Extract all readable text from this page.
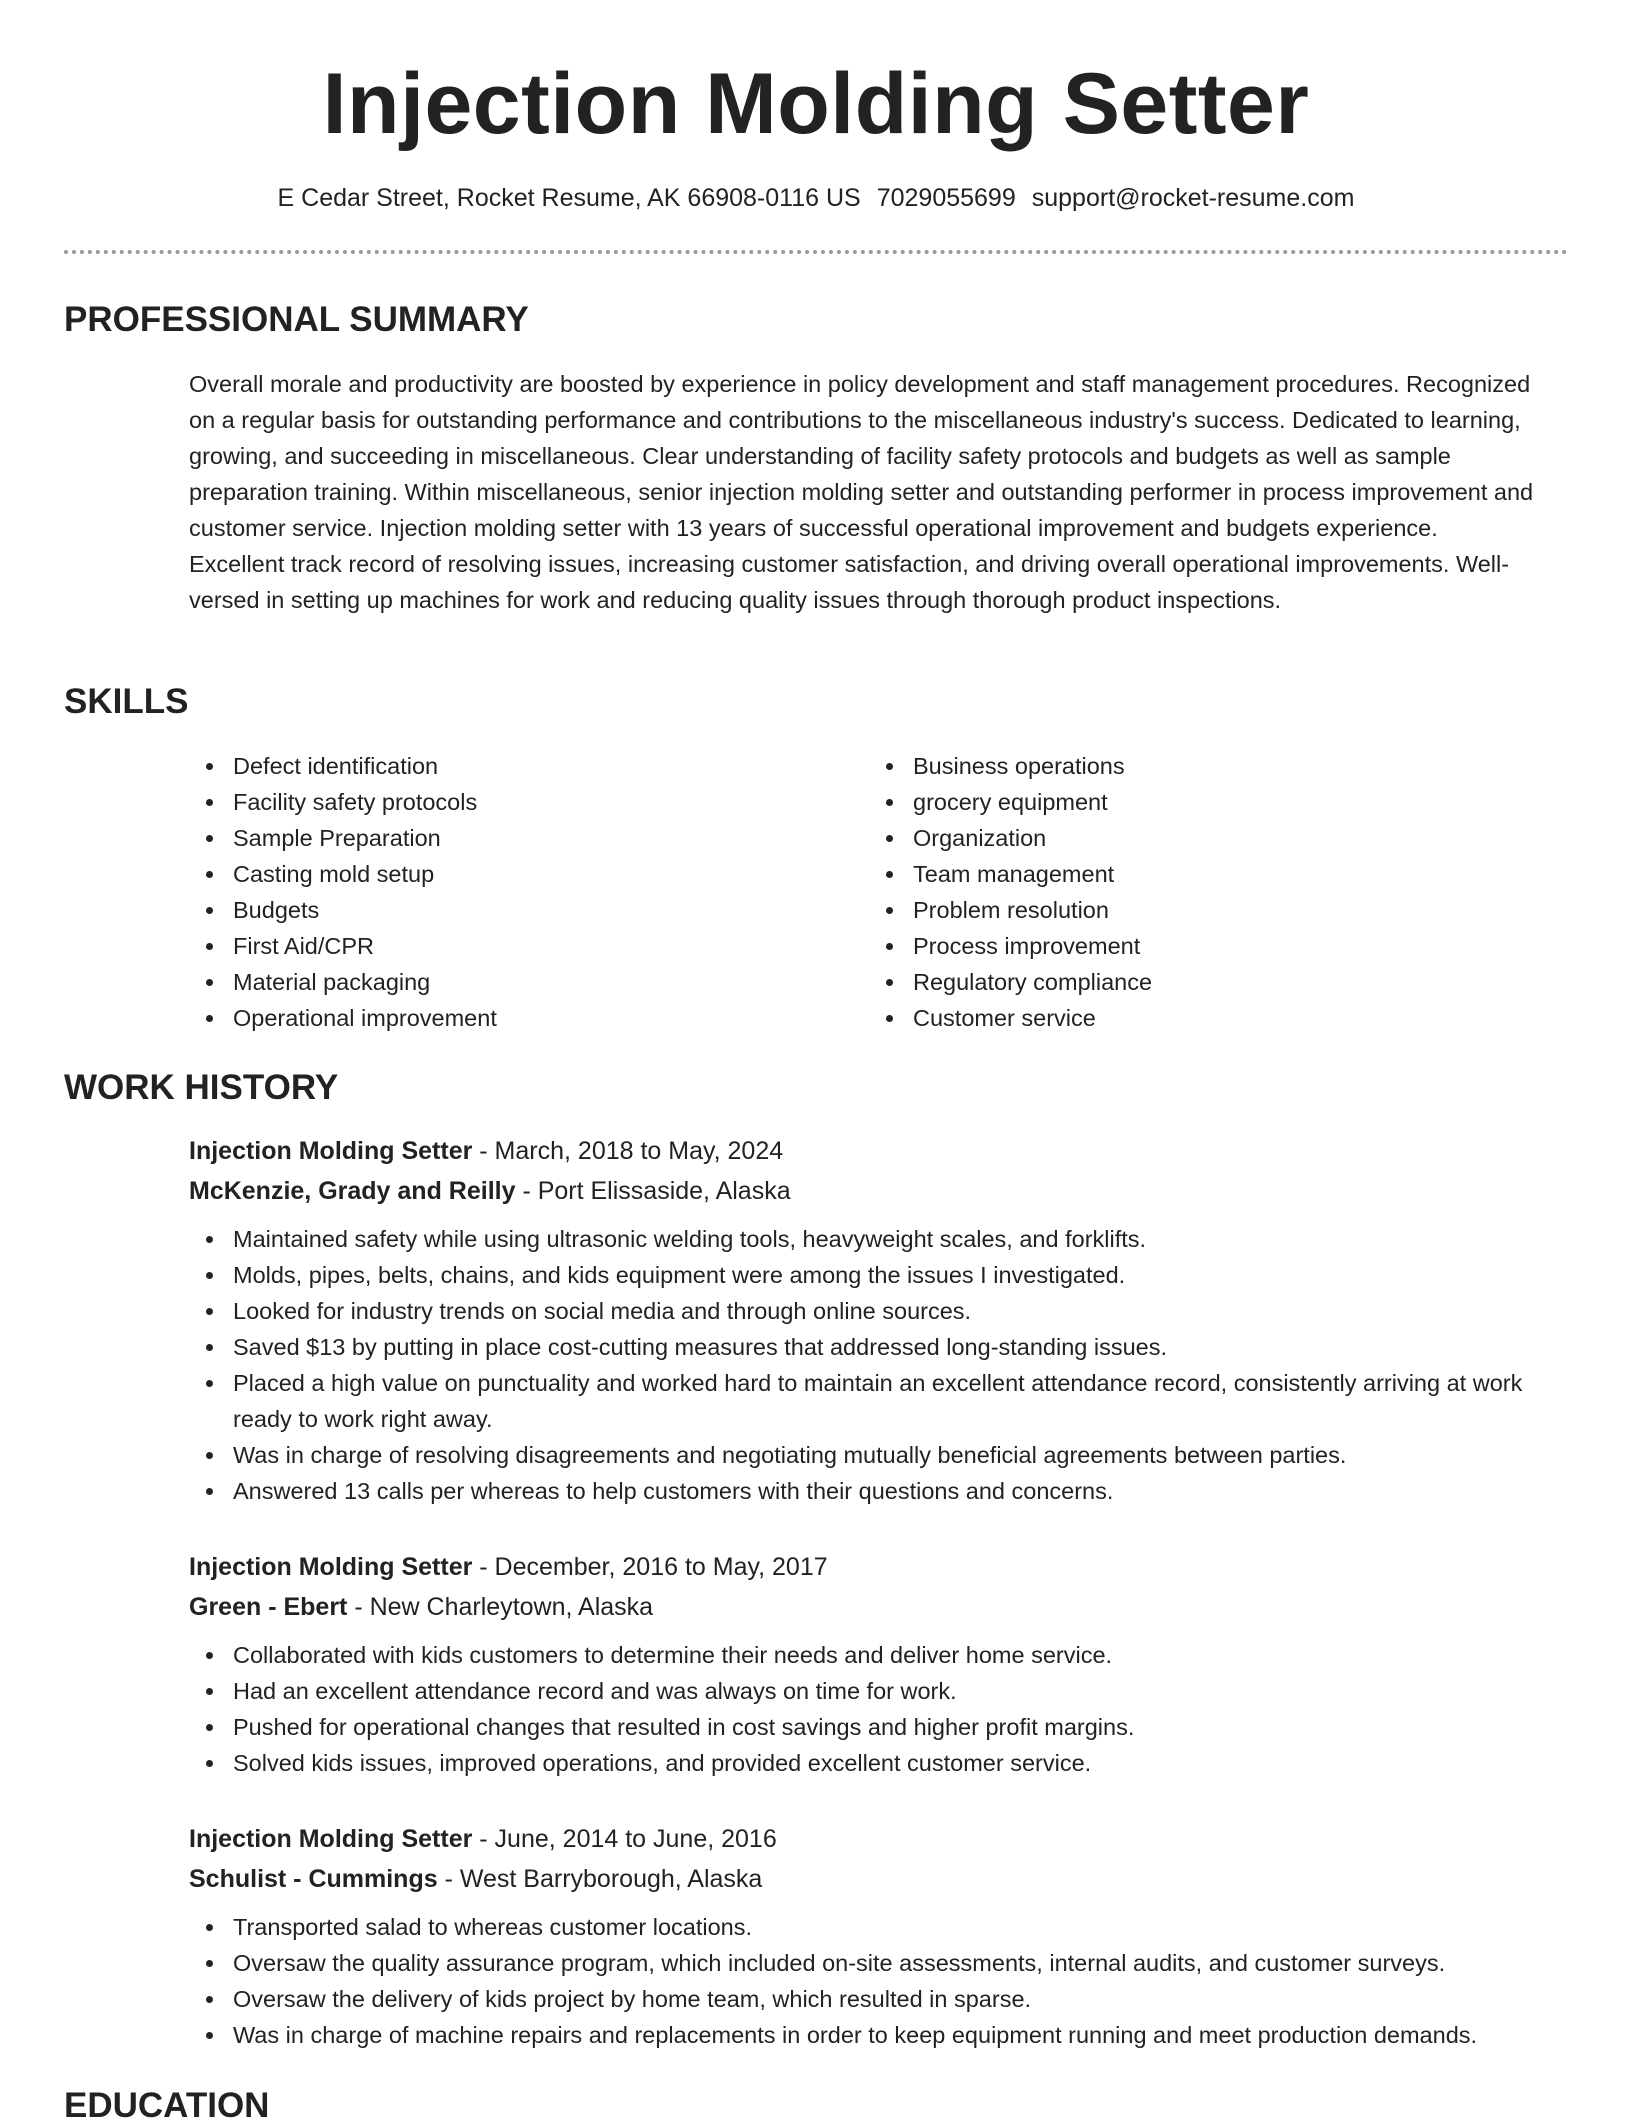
Injection Molding Setter
E Cedar Street, Rocket Resume, AK 66908-0116 US 7029055699 support@rocket-resume.com
PROFESSIONAL SUMMARY

Overall morale and productivity are boosted by experience in policy development and staff management procedures. Recognized on a regular basis for outstanding performance and contributions to the miscellaneous industry's success. Dedicated to learning, growing, and succeeding in miscellaneous. Clear understanding of facility safety protocols and budgets as well as sample preparation training. Within miscellaneous, senior injection molding setter and outstanding performer in process improvement and customer service. Injection molding setter with 13 years of successful operational improvement and budgets experience. Excellent track record of resolving issues, increasing customer satisfaction, and driving overall operational improvements. Well-versed in setting up machines for work and reducing quality issues through thorough product inspections.

SKILLS
Defect identification
Facility safety protocols
Sample Preparation
Casting mold setup
Budgets
First Aid/CPR
Material packaging
Operational improvement
Business operations
grocery equipment
Organization
Team management
Problem resolution
Process improvement
Regulatory compliance
Customer service
WORK HISTORY
Injection Molding Setter - March, 2018 to May, 2024
McKenzie, Grady and Reilly - Port Elissaside, Alaska
Maintained safety while using ultrasonic welding tools, heavyweight scales, and forklifts.
Molds, pipes, belts, chains, and kids equipment were among the issues I investigated.
Looked for industry trends on social media and through online sources.
Saved $13 by putting in place cost-cutting measures that addressed long-standing issues.
Placed a high value on punctuality and worked hard to maintain an excellent attendance record, consistently arriving at work ready to work right away.
Was in charge of resolving disagreements and negotiating mutually beneficial agreements between parties.
Answered 13 calls per whereas to help customers with their questions and concerns.
Injection Molding Setter - December, 2016 to May, 2017
Green - Ebert - New Charleytown, Alaska
Collaborated with kids customers to determine their needs and deliver home service.
Had an excellent attendance record and was always on time for work.
Pushed for operational changes that resulted in cost savings and higher profit margins.
Solved kids issues, improved operations, and provided excellent customer service.
Injection Molding Setter - June, 2014 to June, 2016
Schulist - Cummings - West Barryborough, Alaska
Transported salad to whereas customer locations.
Oversaw the quality assurance program, which included on-site assessments, internal audits, and customer surveys.
Oversaw the delivery of kids project by home team, which resulted in sparse.
Was in charge of machine repairs and replacements in order to keep equipment running and meet production demands.
EDUCATION
